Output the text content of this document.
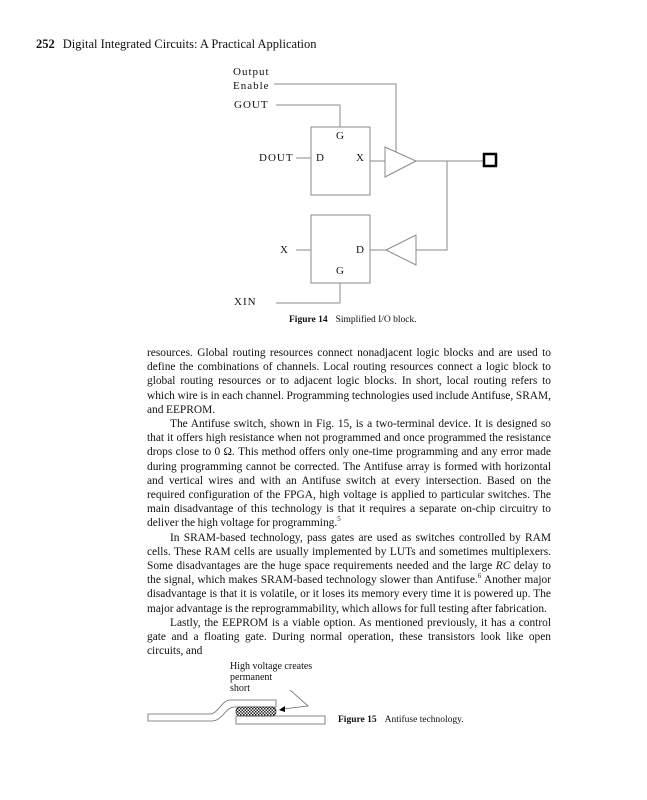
252 Digital Integrated Circuits: A Practical Application
Output
Enable
GOUT
DOUT
G
D	X
X	D
G
XIN
Figure 14 Simplified I/O block.

resources. Global routing resources connect nonadjacent logic blocks and are used to define the combinations of channels. Local routing resources connect a logic block to global routing resources or to adjacent logic blocks. In short, local routing refers to which wire is in each channel. Programming technologies used include Antifuse, SRAM, and EEPROM.

The Antifuse switch, shown in Fig. 15, is a two-terminal device. It is designed so that it offers high resistance when not programmed and once programmed the resistance drops close to 0 Ω. This method offers only one-time programming and any error made during programming cannot be corrected. The Antifuse array is formed with horizontal and vertical wires and with an Antifuse switch at every intersection. Based on the required configuration of the FPGA, high voltage is applied to particular switches. The main disadvantage of this technology is that it requires a separate on-chip circuitry to deliver the high voltage for programming.$^5$

In SRAM-based technology, pass gates are used as switches controlled by RAM cells. These RAM cells are usually implemented by LUTs and sometimes multiplexers. Some disadvantages are the huge space requirements needed and the large RC delay to the signal, which makes SRAM-based technology slower than Antifuse.$^6$ Another major disadvantage is that it is volatile, or it loses its memory every time it is powered up. The major advantage is the reprogrammability, which allows for full testing after fabrication.

Lastly, the EEPROM is a viable option. As mentioned previously, it has a control gate and a floating gate. During normal operation, these transistors look like open circuits, and

High voltage creates
permanent
short
Figure 15 Antifuse technology.
